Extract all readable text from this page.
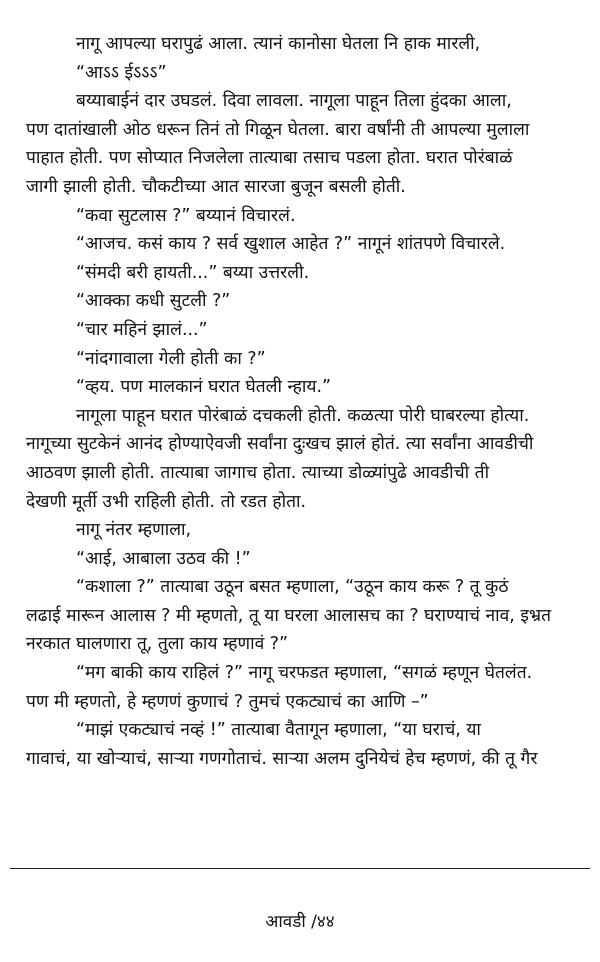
नागू आपल्या घरापुढं आला. त्यानं कानोसा घेतला नि हाक मारली,
“आऽऽ ईऽऽऽ”
बय्याबाईनं दार उघडलं. दिवा लावला. नागूला पाहून तिला हुंदका आला,
पण दातांखाली ओठ धरून तिनं तो गिळून घेतला. बारा वर्षांनी ती आपल्या मुलाला
पाहात होती. पण सोप्यात निजलेला तात्याबा तसाच पडला होता. घरात पोरंबाळं
जागी झाली होती. चौकटीच्या आत सारजा बुजून बसली होती.
“कवा सुटलास ?” बय्यानं विचारलं.
“आजच. कसं काय ? सर्व खुशाल आहेत ?” नागूनं शांतपणे विचारले.
“संमदी बरी हायती...” बय्या उत्तरली.
“आक्का कधी सुटली ?”
“चार महिनं झालं...”
“नांदगावाला गेली होती का ?”
“व्हय. पण मालकानं घरात घेतली न्हाय.”
नागूला पाहून घरात पोरंबाळं दचकली होती. कळत्या पोरी घाबरल्या होत्या.
नागूच्या सुटकेनं आनंद होण्याऐवजी सर्वांना दुःखच झालं होतं. त्या सर्वांना आवडीची
आठवण झाली होती. तात्याबा जागाच होता. त्याच्या डोळ्यांपुढे आवडीची ती
देखणी मूर्ती उभी राहिली होती. तो रडत होता.
नागू नंतर म्हणाला,
“आई, आबाला उठव की !”
“कशाला ?” तात्याबा उठून बसत म्हणाला, “उठून काय करू ? तू कुठं
लढाई मारून आलास ? मी म्हणतो, तू या घरला आलासच का ? घराण्याचं नाव, इभ्रत
नरकात घालणारा तू, तुला काय म्हणावं ?”
“मग बाकी काय राहिलं ?” नागू चरफडत म्हणाला, “सगळं म्हणून घेतलंत.
पण मी म्हणतो, हे म्हणणं कुणाचं ? तुमचं एकट्याचं का आणि –”
“माझं एकट्याचं नव्हं !” तात्याबा वैतागून म्हणाला, “या घराचं, या
गावाचं, या खोऱ्याचं, साऱ्या गणगोताचं. साऱ्या अलम दुनियेचं हेच म्हणणं, की तू गैर
आवडी /४४
